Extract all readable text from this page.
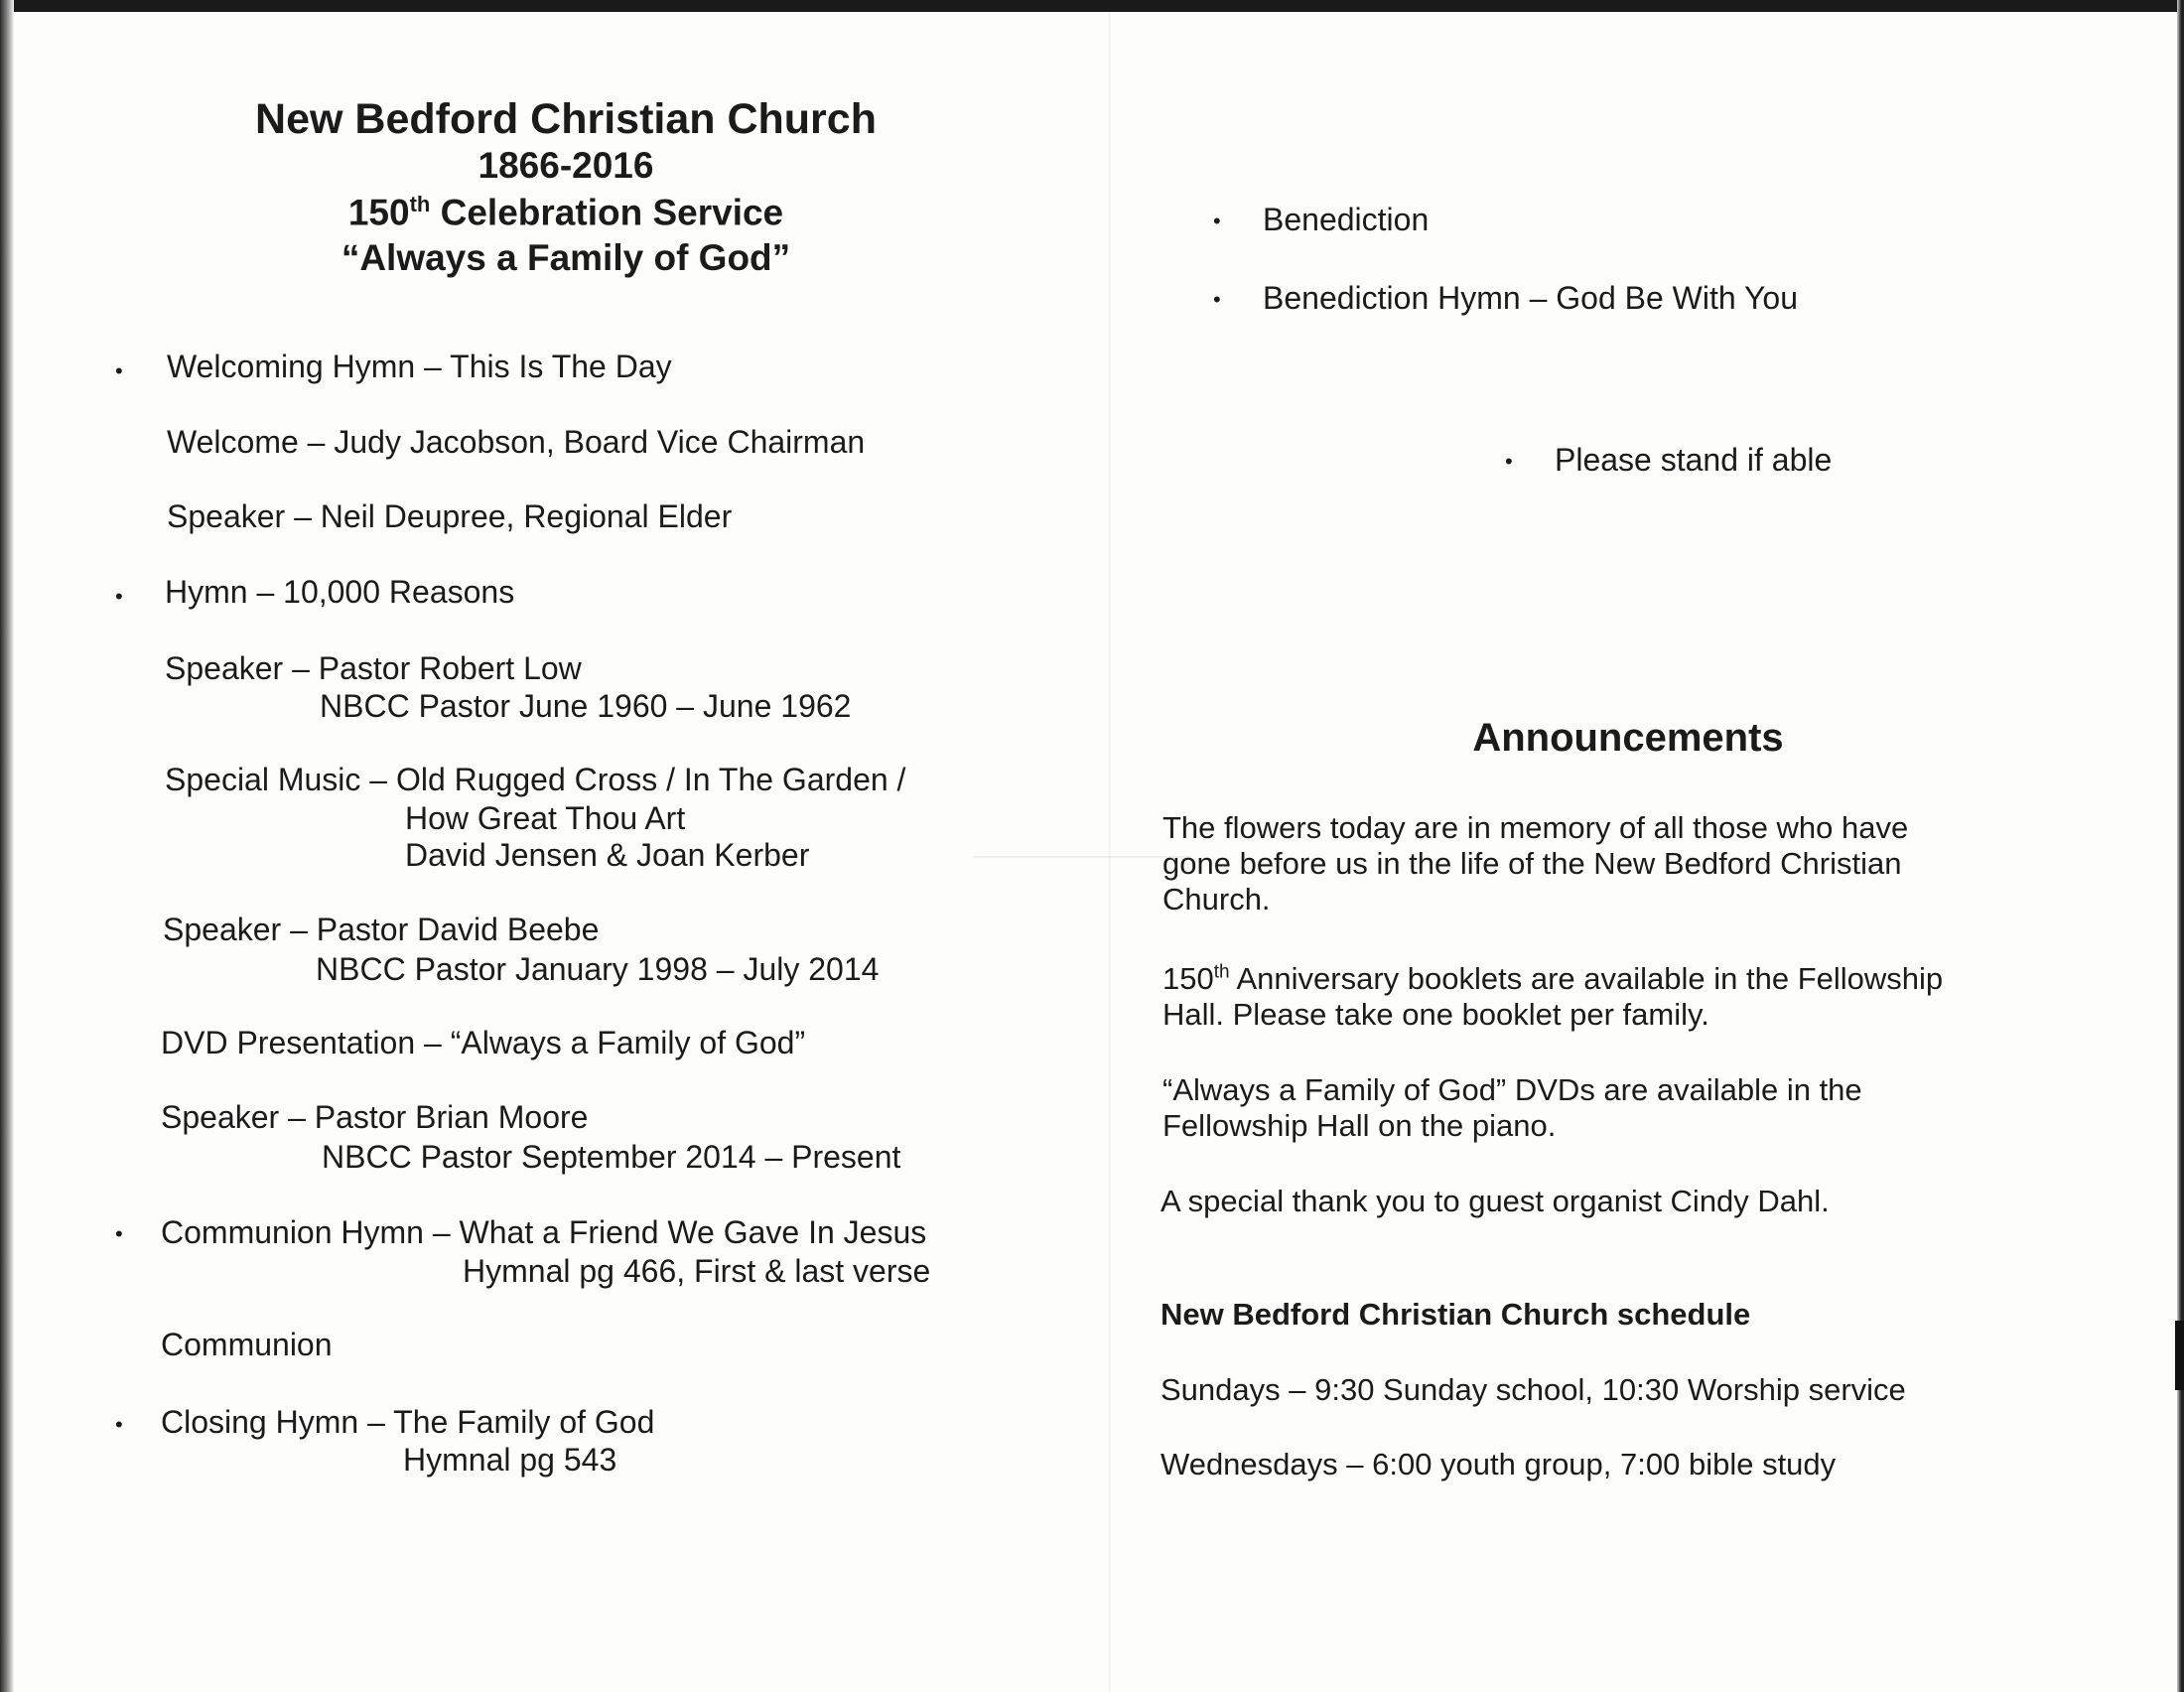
New Bedford Christian Church
1866-2016
150th Celebration Service
“Always a Family of God”
• Welcoming Hymn – This Is The Day
Welcome – Judy Jacobson, Board Vice Chairman
Speaker – Neil Deupree, Regional Elder
• Hymn – 10,000 Reasons
Speaker – Pastor Robert Low
NBCC Pastor June 1960 – June 1962
Special Music – Old Rugged Cross / In The Garden /
How Great Thou Art
David Jensen & Joan Kerber
Speaker – Pastor David Beebe
NBCC Pastor January 1998 – July 2014
DVD Presentation – “Always a Family of God”
Speaker – Pastor Brian Moore
NBCC Pastor September 2014 – Present
• Communion Hymn – What a Friend We Gave In Jesus
Hymnal pg 466, First & last verse
Communion
• Closing Hymn – The Family of God
Hymnal pg 543
• Benediction
• Benediction Hymn – God Be With You
• Please stand if able
Announcements
The flowers today are in memory of all those who have
gone before us in the life of the New Bedford Christian
Church.
150th Anniversary booklets are available in the Fellowship
Hall. Please take one booklet per family.
“Always a Family of God” DVDs are available in the
Fellowship Hall on the piano.
A special thank you to guest organist Cindy Dahl.
New Bedford Christian Church schedule
Sundays – 9:30 Sunday school, 10:30 Worship service
Wednesdays – 6:00 youth group, 7:00 bible study
